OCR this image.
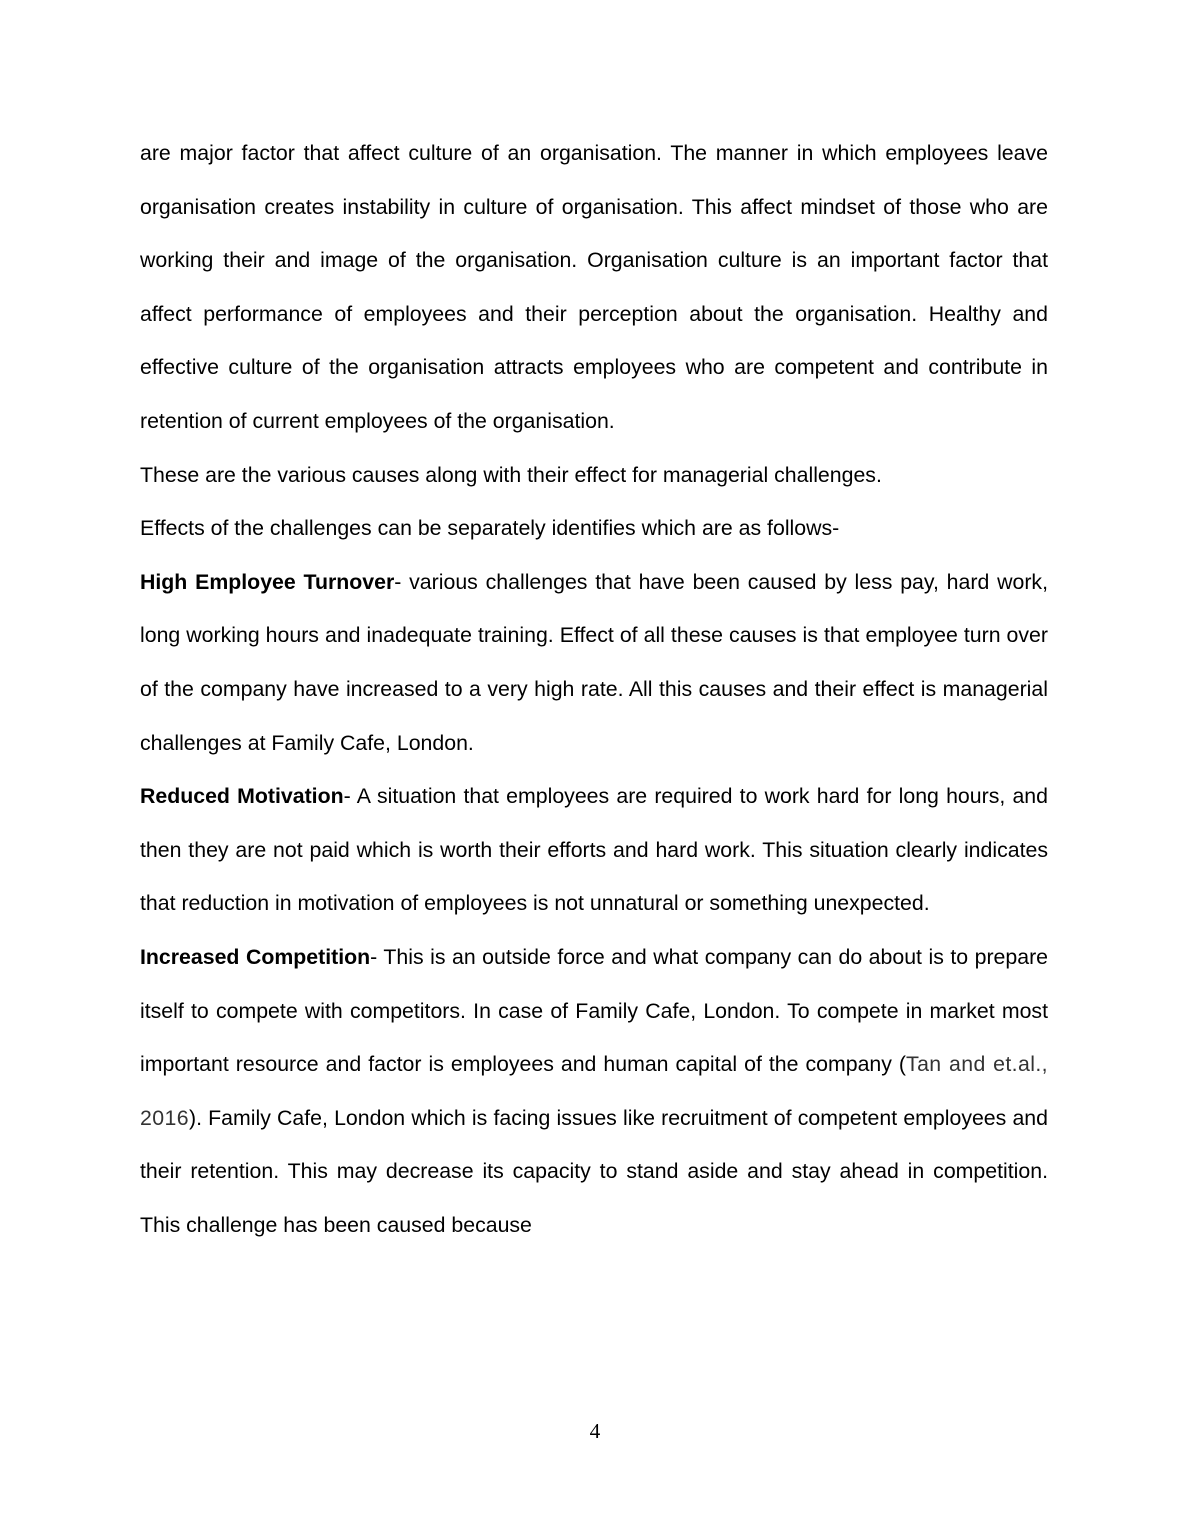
are major factor that affect culture of an organisation. The manner in which employees leave organisation creates instability in culture of organisation. This affect mindset of those who are working their and image of the organisation. Organisation culture is an important factor that affect performance of employees and their perception about the organisation. Healthy and effective culture of the organisation attracts employees who are competent and contribute in retention of current employees of the organisation.

These are the various causes along with their effect for managerial challenges.

Effects of the challenges can be separately identifies which are as follows-

High Employee Turnover- various challenges that have been caused by less pay, hard work, long working hours and inadequate training. Effect of all these causes is that employee turn over of the company have increased to a very high rate. All this causes and their effect is managerial challenges at Family Cafe, London.

Reduced Motivation- A situation that employees are required to work hard for long hours, and then they are not paid which is worth their efforts and hard work. This situation clearly indicates that reduction in motivation of employees is not unnatural or something unexpected.

Increased Competition- This is an outside force and what company can do about is to prepare itself to compete with competitors. In case of Family Cafe, London. To compete in market most important resource and factor is employees and human capital of the company (Tan and et.al., 2016). Family Cafe, London which is facing issues like recruitment of competent employees and their retention. This may decrease its capacity to stand aside and stay ahead in competition. This challenge has been caused because

4
